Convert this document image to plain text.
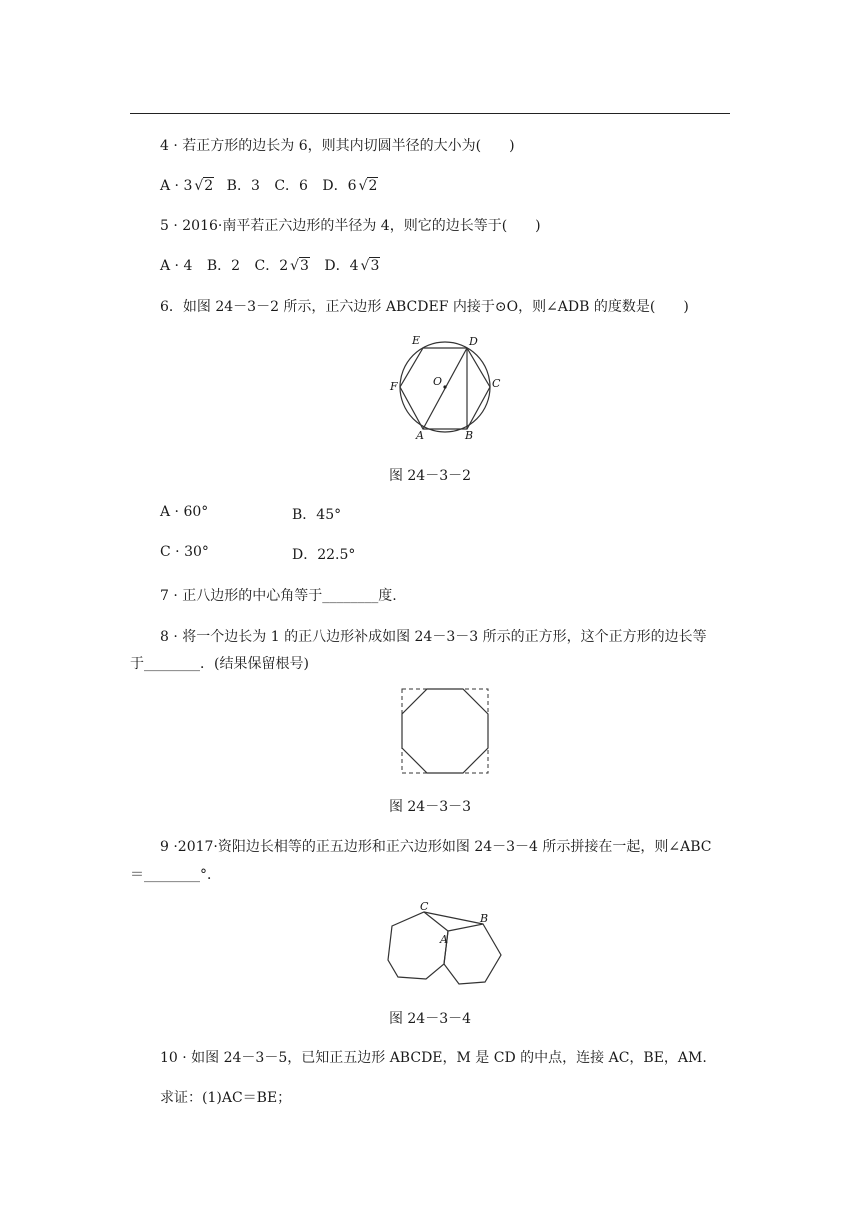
4 · 若正方形的边长为 6，则其内切圆半径的大小为(　　)
A · 3 √2 B．3 C．6 D．6 √2
5 · 2016·南平若正六边形的半径为 4，则它的边长等于(　　)
A · 4 B．2 C．2 √3 D．4 √3
6．如图 24－3－2 所示，正六边形 ABCDEF 内接于⊙O，则∠ADB 的度数是(　　)
E	D
F	O	C
A	B
图 24－3－2
A · 60°	B．45°
C · 30°	D．22.5°
7 · 正八边形的中心角等于________度.
8 · 将一个边长为 1 的正八边形补成如图 24－3－3 所示的正方形，这个正方形的边长等
于________．(结果保留根号)
图 24－3－3
9 ·2017·资阳边长相等的正五边形和正六边形如图 24－3－4 所示拼接在一起，则∠ABC
＝________°．
C
B
A
图 24－3－4
10 · 如图 24－3－5，已知正五边形 ABCDE，M 是 CD 的中点，连接 AC，BE，AM.
求证：(1)AC＝BE；
